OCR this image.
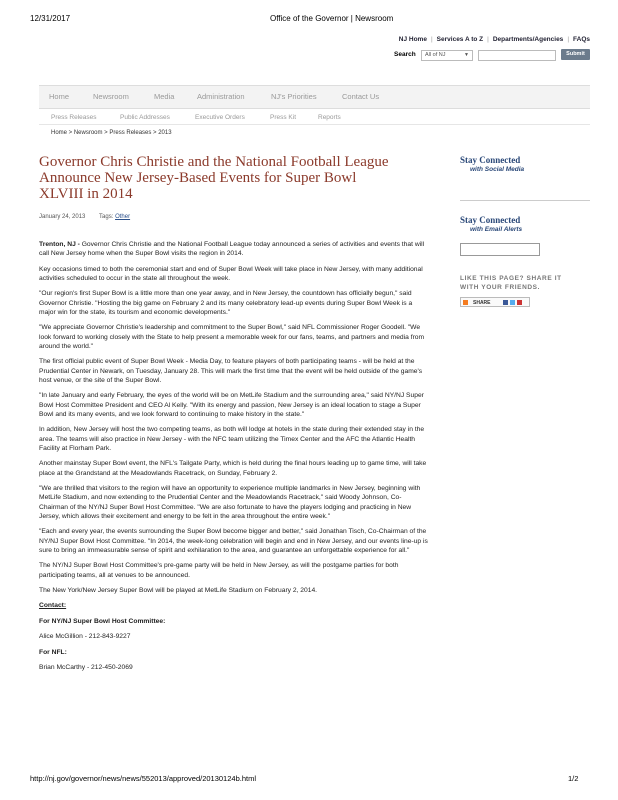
12/31/2017	Office of the Governor | Newsroom
NJ Home | Services A to Z | Departments/Agencies | FAQs
Search	All of NJ	▼	Submit
Home	Newsroom	Media	Administration	NJ's Priorities	Contact Us
Press Releases	Public Addresses	Executive Orders	Press Kit	Reports
Home > Newsroom > Press Releases > 2013
Governor Chris Christie and the National Football League Announce New Jersey-Based Events for Super Bowl XLVIII in 2014
January 24, 2013 Tags: Other

Trenton, NJ - Governor Chris Christie and the National Football League today announced a series of activities and events that will call New Jersey home when the Super Bowl visits the region in 2014.

Key occasions timed to both the ceremonial start and end of Super Bowl Week will take place in New Jersey, with many additional activities scheduled to occur in the state all throughout the week.

"Our region's first Super Bowl is a little more than one year away, and in New Jersey, the countdown has officially begun," said Governor Christie. "Hosting the big game on February 2 and its many celebratory lead-up events during Super Bowl Week is a major win for the state, its tourism and economic developments."

"We appreciate Governor Christie's leadership and commitment to the Super Bowl," said NFL Commissioner Roger Goodell. "We look forward to working closely with the State to help present a memorable week for our fans, teams, and partners and media from around the world."

The first official public event of Super Bowl Week - Media Day, to feature players of both participating teams - will be held at the Prudential Center in Newark, on Tuesday, January 28. This will mark the first time that the event will be held outside of the game's host venue, or the site of the Super Bowl.

"In late January and early February, the eyes of the world will be on MetLife Stadium and the surrounding area," said NY/NJ Super Bowl Host Committee President and CEO Al Kelly. "With its energy and passion, New Jersey is an ideal location to stage a Super Bowl and its many events, and we look forward to continuing to make history in the state."

In addition, New Jersey will host the two competing teams, as both will lodge at hotels in the state during their extended stay in the area. The teams will also practice in New Jersey - with the NFC team utilizing the Timex Center and the AFC the Atlantic Health Facility at Florham Park.

Another mainstay Super Bowl event, the NFL's Tailgate Party, which is held during the final hours leading up to game time, will take place at the Grandstand at the Meadowlands Racetrack, on Sunday, February 2.

"We are thrilled that visitors to the region will have an opportunity to experience multiple landmarks in New Jersey, beginning with MetLife Stadium, and now extending to the Prudential Center and the Meadowlands Racetrack," said Woody Johnson, Co-Chairman of the NY/NJ Super Bowl Host Committee. "We are also fortunate to have the players lodging and practicing in New Jersey, which allows their excitement and energy to be felt in the area throughout the entire week."

"Each and every year, the events surrounding the Super Bowl become bigger and better," said Jonathan Tisch, Co-Chairman of the NY/NJ Super Bowl Host Committee. "In 2014, the week-long celebration will begin and end in New Jersey, and our events line-up is sure to bring an immeasurable sense of spirit and exhilaration to the area, and guarantee an unforgettable experience for all."

The NY/NJ Super Bowl Host Committee's pre-game party will be held in New Jersey, as will the postgame parties for both participating teams, all at venues to be announced.

The New York/New Jersey Super Bowl will be played at MetLife Stadium on February 2, 2014.

Contact:

For NY/NJ Super Bowl Host Committee:

Alice McGillion - 212-843-9227

For NFL:

Brian McCarthy - 212-450-2069

Stay Connected
with Social Media
Stay Connected
with Email Alerts
LIKE THIS PAGE? SHARE IT WITH YOUR FRIENDS.
SHARE
http://nj.gov/governor/news/news/552013/approved/20130124b.html	1/2
